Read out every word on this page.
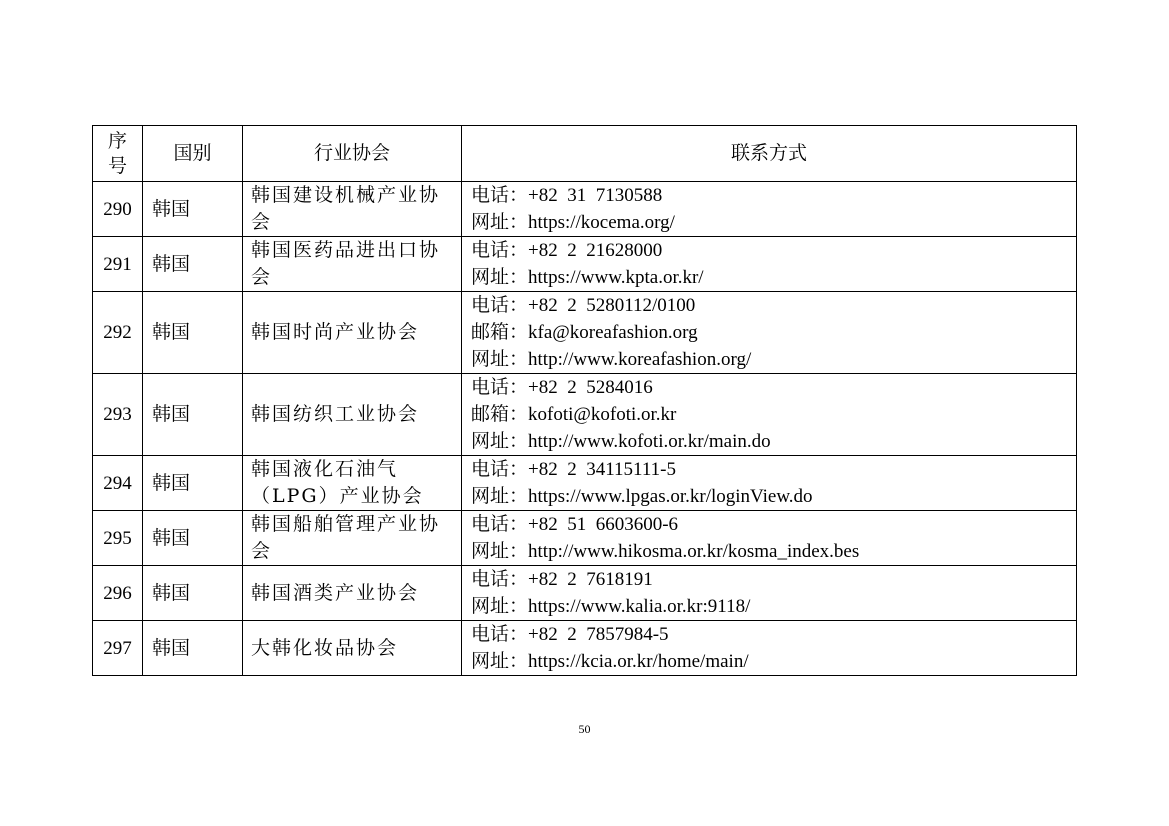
序
号	国别	行业协会	联系方式
290	韩国	韩国建设机械产业协会	电话：+82  31  7130588
网址：https://kocema.org/

291	韩国	韩国医药品进出口协会	电话：+82  2  21628000
网址：https://www.kpta.or.kr/

292	韩国	韩国时尚产业协会	电话：+82  2  5280112/0100
邮箱：kfa@koreafashion.org
网址：http://www.koreafashion.org/

293	韩国	韩国纺织工业协会	电话：+82  2  5284016
邮箱：kofoti@kofoti.or.kr
网址：http://www.kofoti.or.kr/main.do

294	韩国	韩国液化石油气（LPG）产业协会	电话：+82  2  34115111-5
网址：https://www.lpgas.or.kr/loginView.do

295	韩国	韩国船舶管理产业协会	电话：+82  51  6603600-6
网址：http://www.hikosma.or.kr/kosma_index.bes

296	韩国	韩国酒类产业协会	电话：+82  2  7618191
网址：https://www.kalia.or.kr:9118/

297	韩国	大韩化妆品协会	电话：+82  2  7857984-5
网址：https://kcia.or.kr/home/main/
50
